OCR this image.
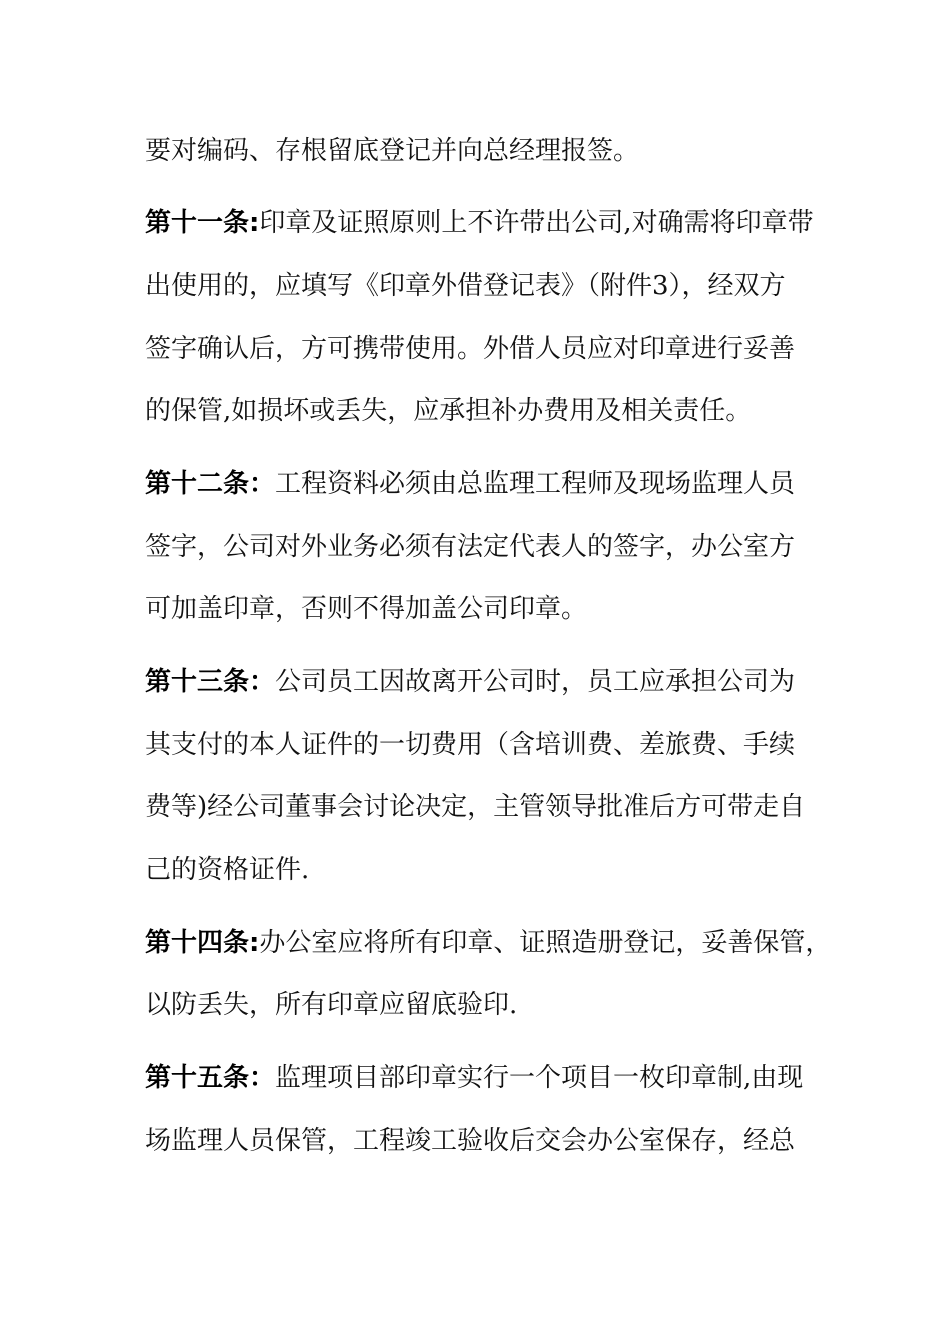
要对编码、存根留底登记并向总经理报签。
第十一条:印章及证照原则上不许带出公司,对确需将印章带
出使用的，应填写《印章外借登记表》（附件3），经双方
签字确认后，方可携带使用。外借人员应对印章进行妥善
的保管,如损坏或丢失，应承担补办费用及相关责任。
第十二条：工程资料必须由总监理工程师及现场监理人员
签字，公司对外业务必须有法定代表人的签字，办公室方
可加盖印章，否则不得加盖公司印章。
第十三条：公司员工因故离开公司时，员工应承担公司为
其支付的本人证件的一切费用（含培训费、差旅费、手续
费等)经公司董事会讨论决定，主管领导批准后方可带走自
己的资格证件.
第十四条:办公室应将所有印章、证照造册登记，妥善保管，
以防丢失，所有印章应留底验印.
第十五条：监理项目部印章实行一个项目一枚印章制,由现
场监理人员保管，工程竣工验收后交会办公室保存，经总
